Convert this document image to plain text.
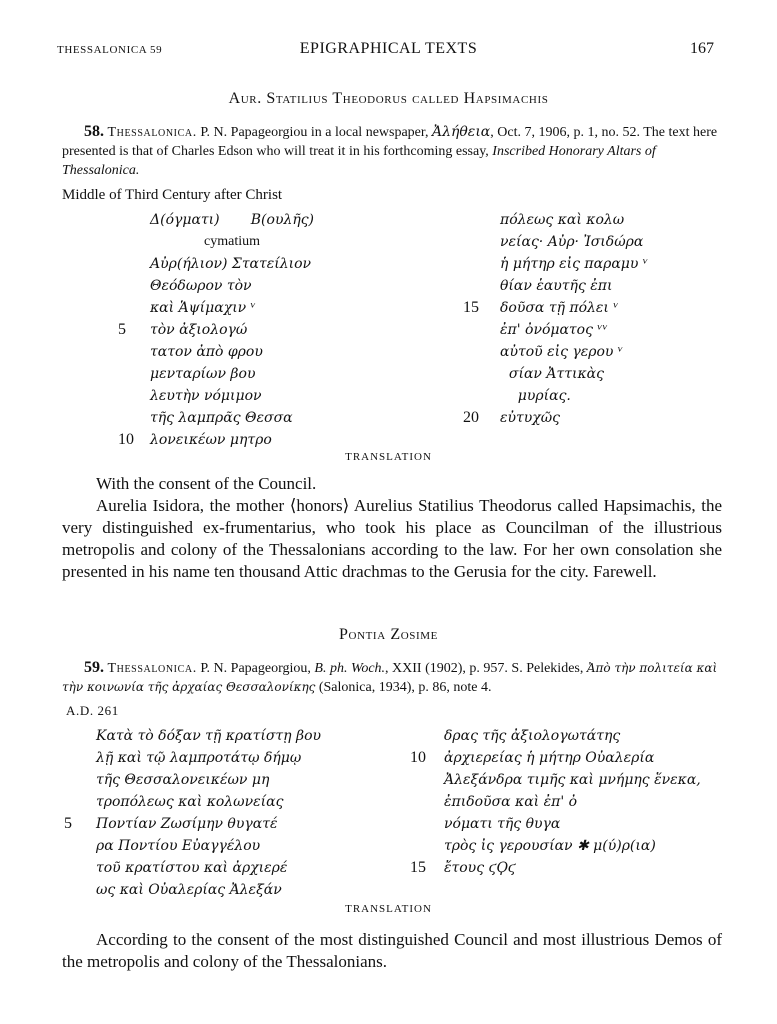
THESSALONICA 59	EPIGRAPHICAL TEXTS	167
Aur. Statilius Theodorus called Hapsimachis
58. Thessalonica. P. N. Papageorgiou in a local newspaper, Ἀλήθεια, Oct. 7, 1906, p. 1, no. 52. The text here presented is that of Charles Edson who will treat it in his forthcoming essay, Inscribed Honorary Altars of Thessalonica.
Middle of Third Century after Christ
Δ(όγματι)       Β(ουλῆς)
cymatium
Αὐρ(ήλιον) Στατείλιον
Θεόδωρον τὸν
καὶ Ἁψίμαχιν ᵛ
5 τὸν ἀξιολογώ
τατον ἀπὸ φρου
μενταρίων βου
λευτὴν νόμιμον
τῆς λαμπρᾶς Θεσσα
10 λονεικέων μητρο
πόλεως καὶ κολω
νείας· Αὐρ· Ἰσιδώρα
ἡ μήτηρ εἰς παραμυ ᵛ
θίαν ἑαυτῆς ἐπι
15 δοῦσα τῇ πόλει ᵛ
ἐπ' ὀνόματος ᵛᵛ
αὐτοῦ εἰς γερου ᵛ
σίαν Ἀττικὰς
μυρίας.
20 εὐτυχῶς
TRANSLATION

With the consent of the Council.

Aurelia Isidora, the mother ⟨honors⟩ Aurelius Statilius Theodorus called Hapsimachis, the very distinguished ex-frumentarius, who took his place as Councilman of the illustrious metropolis and colony of the Thessalonians according to the law. For her own consolation she presented in his name ten thousand Attic drachmas to the Gerusia for the city. Farewell.

Pontia Zosime
59. Thessalonica. P. N. Papageorgiou, B. ph. Woch., XXII (1902), p. 957. S. Pelekides, Ἀπὸ τὴν πολιτεία καὶ τὴν κοινωνία τῆς ἀρχαίας Θεσσαλονίκης (Salonica, 1934), p. 86, note 4.
A.D. 261
Κατὰ τὸ δόξαν τῇ κρατίστῃ βου
λῇ καὶ τῷ λαμπροτάτῳ δήμῳ
τῆς Θεσσαλονεικέων μη
τροπόλεως καὶ κολωνείας
5 Ποντίαν Ζωσίμην θυγατέ
ρα Ποντίου Εὐαγγέλου
τοῦ κρατίστου καὶ ἀρχιερέ
ως καὶ Οὐαλερίας Ἀλεξάν
δρας τῆς ἀξιολογωτάτης
10 ἀρχιερείας ἡ μήτηρ Οὐαλερία
Ἀλεξάνδρα τιμῆς καὶ μνήμης ἕνεκα,
ἐπιδοῦσα καὶ ἐπ' ὀ
νόματι τῆς θυγα
τρὸς ἰς γερουσίαν ✱ μ(ύ)ρ(ια)
15 ἔτους ϛϘϛ
TRANSLATION

According to the consent of the most distinguished Council and most illustrious Demos of the metropolis and colony of the Thessalonians.
